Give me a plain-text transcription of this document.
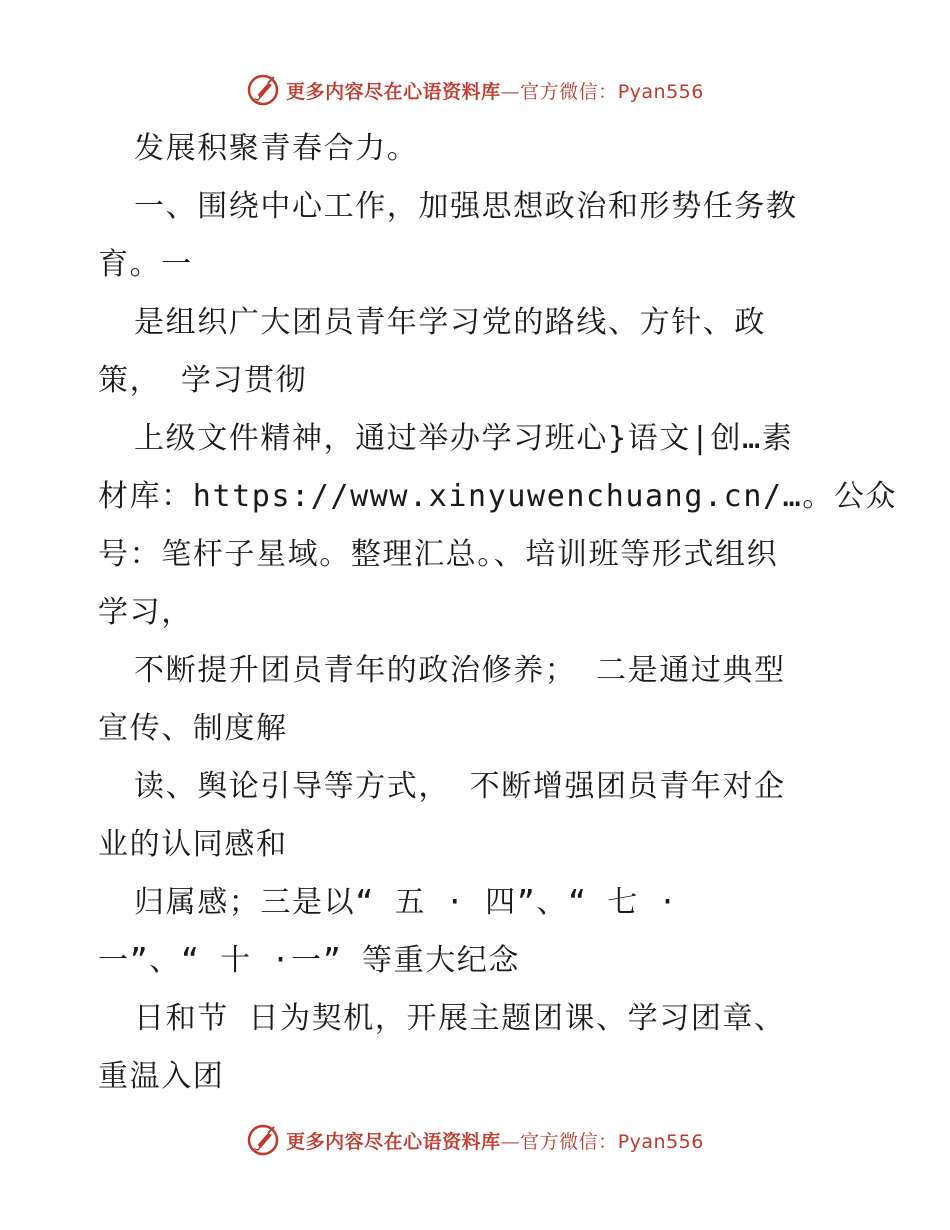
更多内容尽在心语资料库—官方微信：Pyan556
发展积聚青春合力。
一、围绕中心工作，加强思想政治和形势任务教
育。一
是组织广大团员青年学习党的路线、方针、政
策， 学习贯彻
上级文件精神，通过举办学习班心}语文|创…素
材库：https://www.xinyuwenchuang.cn/…。公众
号：笔杆子星域。整理汇总。、培训班等形式组织
学习，
不断提升团员青年的政治修养； 二是通过典型
宣传、制度解
读、舆论引导等方式， 不断增强团员青年对企
业的认同感和
归属感；三是以“ 五 · 四”、“ 七 ·
一”、“ 十 ·一” 等重大纪念
日和节 日为契机，开展主题团课、学习团章、
重温入团
更多内容尽在心语资料库—官方微信：Pyan556
